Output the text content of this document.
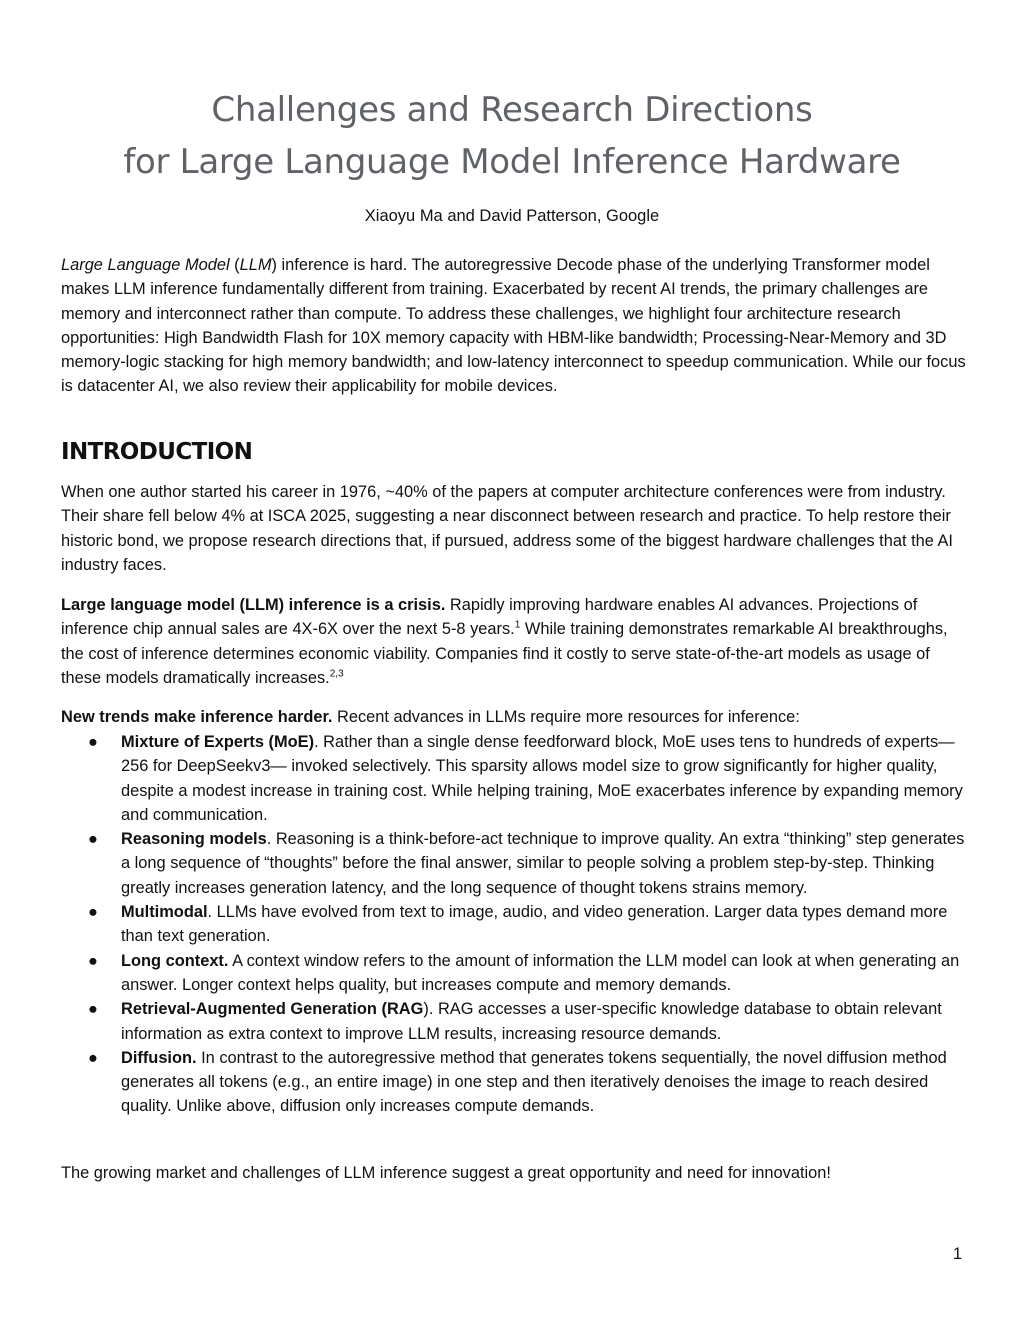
Challenges and Research Directions
for Large Language Model Inference Hardware
Xiaoyu Ma and David Patterson, Google

Large Language Model (LLM) inference is hard. The autoregressive Decode phase of the underlying Transformer model makes LLM inference fundamentally different from training. Exacerbated by recent AI trends, the primary challenges are memory and interconnect rather than compute. To address these challenges, we highlight four architecture research opportunities: High Bandwidth Flash for 10X memory capacity with HBM-like bandwidth; Processing-Near-Memory and 3D memory-logic stacking for high memory bandwidth; and low-latency interconnect to speedup communication. While our focus is datacenter AI, we also review their applicability for mobile devices.

INTRODUCTION

When one author started his career in 1976, ~40% of the papers at computer architecture conferences were from industry. Their share fell below 4% at ISCA 2025, suggesting a near disconnect between research and practice. To help restore their historic bond, we propose research directions that, if pursued, address some of the biggest hardware challenges that the AI industry faces.

Large language model (LLM) inference is a crisis. Rapidly improving hardware enables AI advances. Projections of inference chip annual sales are 4X-6X over the next 5-8 years.$^1$ While training demonstrates remarkable AI breakthroughs, the cost of inference determines economic viability. Companies find it costly to serve state-of-the-art models as usage of these models dramatically increases.$^{2,3}$

New trends make inference harder. Recent advances in LLMs require more resources for inference:

●	Mixture of Experts (MoE). Rather than a single dense feedforward block, MoE uses tens to hundreds of experts—256 for DeepSeekv3— invoked selectively. This sparsity allows model size to grow significantly for higher quality, despite a modest increase in training cost. While helping training, MoE exacerbates inference by expanding memory and communication.
●	Reasoning models. Reasoning is a think-before-act technique to improve quality. An extra “thinking” step generates a long sequence of “thoughts” before the final answer, similar to people solving a problem step-by-step. Thinking greatly increases generation latency, and the long sequence of thought tokens strains memory.
●	Multimodal. LLMs have evolved from text to image, audio, and video generation. Larger data types demand more than text generation.
●	Long context. A context window refers to the amount of information the LLM model can look at when generating an answer. Longer context helps quality, but increases compute and memory demands.
●	Retrieval-Augmented Generation (RAG). RAG accesses a user-specific knowledge database to obtain relevant information as extra context to improve LLM results, increasing resource demands.
●	Diffusion. In contrast to the autoregressive method that generates tokens sequentially, the novel diffusion method generates all tokens (e.g., an entire image) in one step and then iteratively denoises the image to reach desired quality. Unlike above, diffusion only increases compute demands.

The growing market and challenges of LLM inference suggest a great opportunity and need for innovation!

1
